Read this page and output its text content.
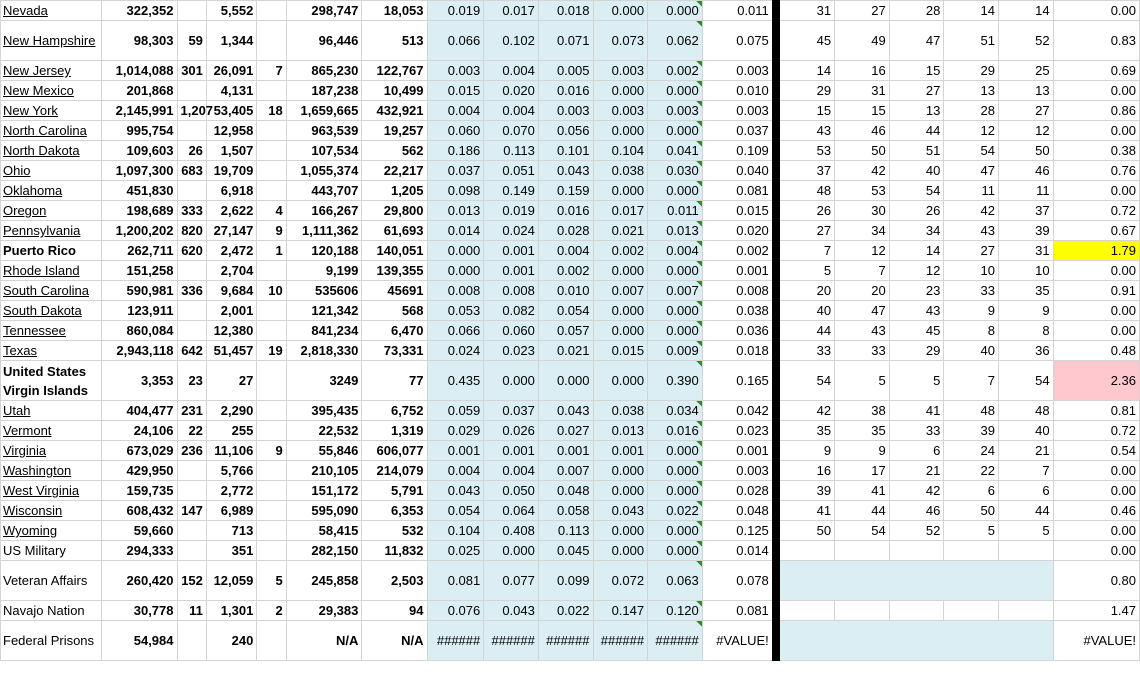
Nevada	322,352		5,552		298,747	18,053	0.019	0.017	0.018	0.000	0.000	0.011	31	27	28	14	14	0.00
New Hampshire	98,303	59	1,344		96,446	513	0.066	0.102	0.071	0.073	0.062	0.075	45	49	47	51	52	0.83
New Jersey	1,014,088	301	26,091	7	865,230	122,767	0.003	0.004	0.005	0.003	0.002	0.003	14	16	15	29	25	0.69
New Mexico	201,868		4,131		187,238	10,499	0.015	0.020	0.016	0.000	0.000	0.010	29	31	27	13	13	0.00
New York	2,145,991	1,207	53,405	18	1,659,665	432,921	0.004	0.004	0.003	0.003	0.003	0.003	15	15	13	28	27	0.86
North Carolina	995,754		12,958		963,539	19,257	0.060	0.070	0.056	0.000	0.000	0.037	43	46	44	12	12	0.00
North Dakota	109,603	26	1,507		107,534	562	0.186	0.113	0.101	0.104	0.041	0.109	53	50	51	54	50	0.38
Ohio	1,097,300	683	19,709		1,055,374	22,217	0.037	0.051	0.043	0.038	0.030	0.040	37	42	40	47	46	0.76
Oklahoma	451,830		6,918		443,707	1,205	0.098	0.149	0.159	0.000	0.000	0.081	48	53	54	11	11	0.00
Oregon	198,689	333	2,622	4	166,267	29,800	0.013	0.019	0.016	0.017	0.011	0.015	26	30	26	42	37	0.72
Pennsylvania	1,200,202	820	27,147	9	1,111,362	61,693	0.014	0.024	0.028	0.021	0.013	0.020	27	34	34	43	39	0.67
Puerto Rico	262,711	620	2,472	1	120,188	140,051	0.000	0.001	0.004	0.002	0.004	0.002	7	12	14	27	31	1.79
Rhode Island	151,258		2,704		9,199	139,355	0.000	0.001	0.002	0.000	0.000	0.001	5	7	12	10	10	0.00
South Carolina	590,981	336	9,684	10	535606	45691	0.008	0.008	0.010	0.007	0.007	0.008	20	20	23	33	35	0.91
South Dakota	123,911		2,001		121,342	568	0.053	0.082	0.054	0.000	0.000	0.038	40	47	43	9	9	0.00
Tennessee	860,084		12,380		841,234	6,470	0.066	0.060	0.057	0.000	0.000	0.036	44	43	45	8	8	0.00
Texas	2,943,118	642	51,457	19	2,818,330	73,331	0.024	0.023	0.021	0.015	0.009	0.018	33	33	29	40	36	0.48
United States Virgin Islands	3,353	23	27		3249	77	0.435	0.000	0.000	0.000	0.390	0.165	54	5	5	7	54	2.36
Utah	404,477	231	2,290		395,435	6,752	0.059	0.037	0.043	0.038	0.034	0.042	42	38	41	48	48	0.81
Vermont	24,106	22	255		22,532	1,319	0.029	0.026	0.027	0.013	0.016	0.023	35	35	33	39	40	0.72
Virginia	673,029	236	11,106	9	55,846	606,077	0.001	0.001	0.001	0.001	0.000	0.001	9	9	6	24	21	0.54
Washington	429,950		5,766		210,105	214,079	0.004	0.004	0.007	0.000	0.000	0.003	16	17	21	22	7	0.00
West Virginia	159,735		2,772		151,172	5,791	0.043	0.050	0.048	0.000	0.000	0.028	39	41	42	6	6	0.00
Wisconsin	608,432	147	6,989		595,090	6,353	0.054	0.064	0.058	0.043	0.022	0.048	41	44	46	50	44	0.46
Wyoming	59,660		713		58,415	532	0.104	0.408	0.113	0.000	0.000	0.125	50	54	52	5	5	0.00
US Military	294,333		351		282,150	11,832	0.025	0.000	0.045	0.000	0.000	0.014						0.00
Veteran Affairs	260,420	152	12,059	5	245,858	2,503	0.081	0.077	0.099	0.072	0.063	0.078						0.80
Navajo Nation	30,778	11	1,301	2	29,383	94	0.076	0.043	0.022	0.147	0.120	0.081						1.47
Federal Prisons	54,984		240		N/A	N/A	######	######	######	######	######	#VALUE!						#VALUE!
